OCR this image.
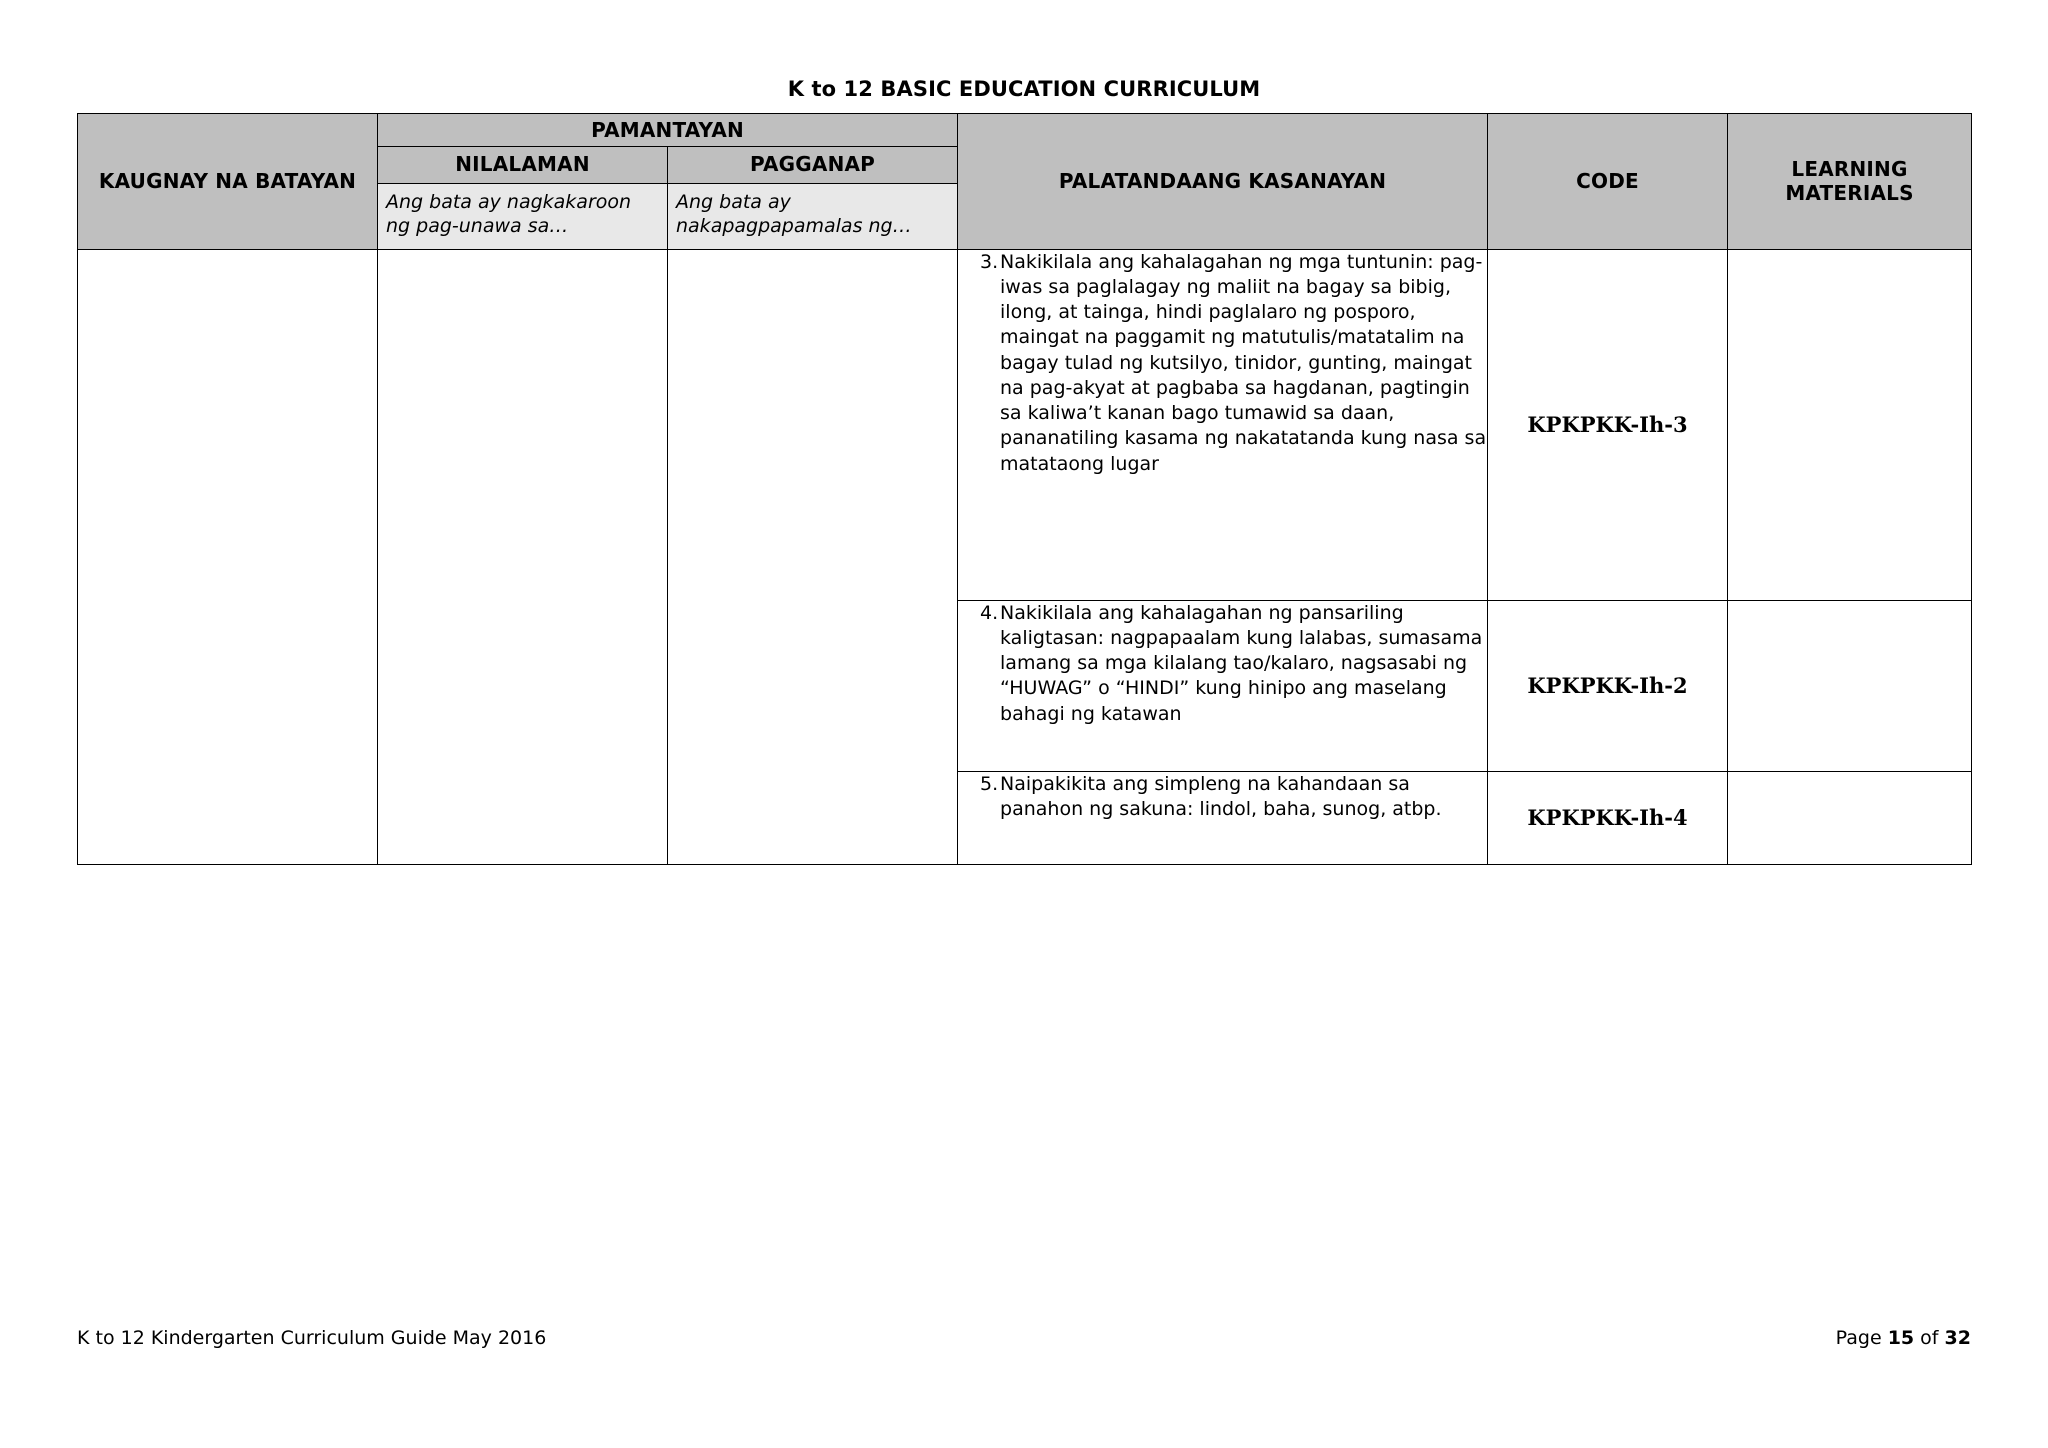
K to 12 BASIC EDUCATION CURRICULUM
KAUGNAY NA BATAYAN	PAMANTAYAN		PALATANDAANG KASANAYAN	CODE	LEARNING MATERIALS
	NILALAMAN	PAGGANAP			
	Ang bata ay nagkakaroon ng pag-unawa sa…	Ang bata ay nakapagpapamalas ng…			

			3. Nakikilala ang kahalagahan ng mga tuntunin: pag-iwas sa paglalagay ng maliit na bagay sa bibig, ilong, at tainga, hindi paglalaro ng posporo, maingat na paggamit ng matutulis/matatalim na bagay tulad ng kutsilyo, tinidor, gunting, maingat na pag-akyat at pagbaba sa hagdanan, pagtingin sa kaliwa’t kanan bago tumawid sa daan, pananatiling kasama ng nakatatanda kung nasa sa matataong lugar	KPKPKK-Ih-3	

			4. Nakikilala ang kahalagahan ng pansariling kaligtasan: nagpapaalam kung lalabas, sumasama lamang sa mga kilalang tao/kalaro, nagsasabi ng “HUWAG” o “HINDI” kung hinipo ang maselang bahagi ng katawan	KPKPKK-Ih-2	

			5. Naipakikita ang simpleng na kahandaan sa panahon ng sakuna: lindol, baha, sunog, atbp.	KPKPKK-Ih-4	
K to 12 Kindergarten Curriculum Guide May 2016	Page 15 of 32
